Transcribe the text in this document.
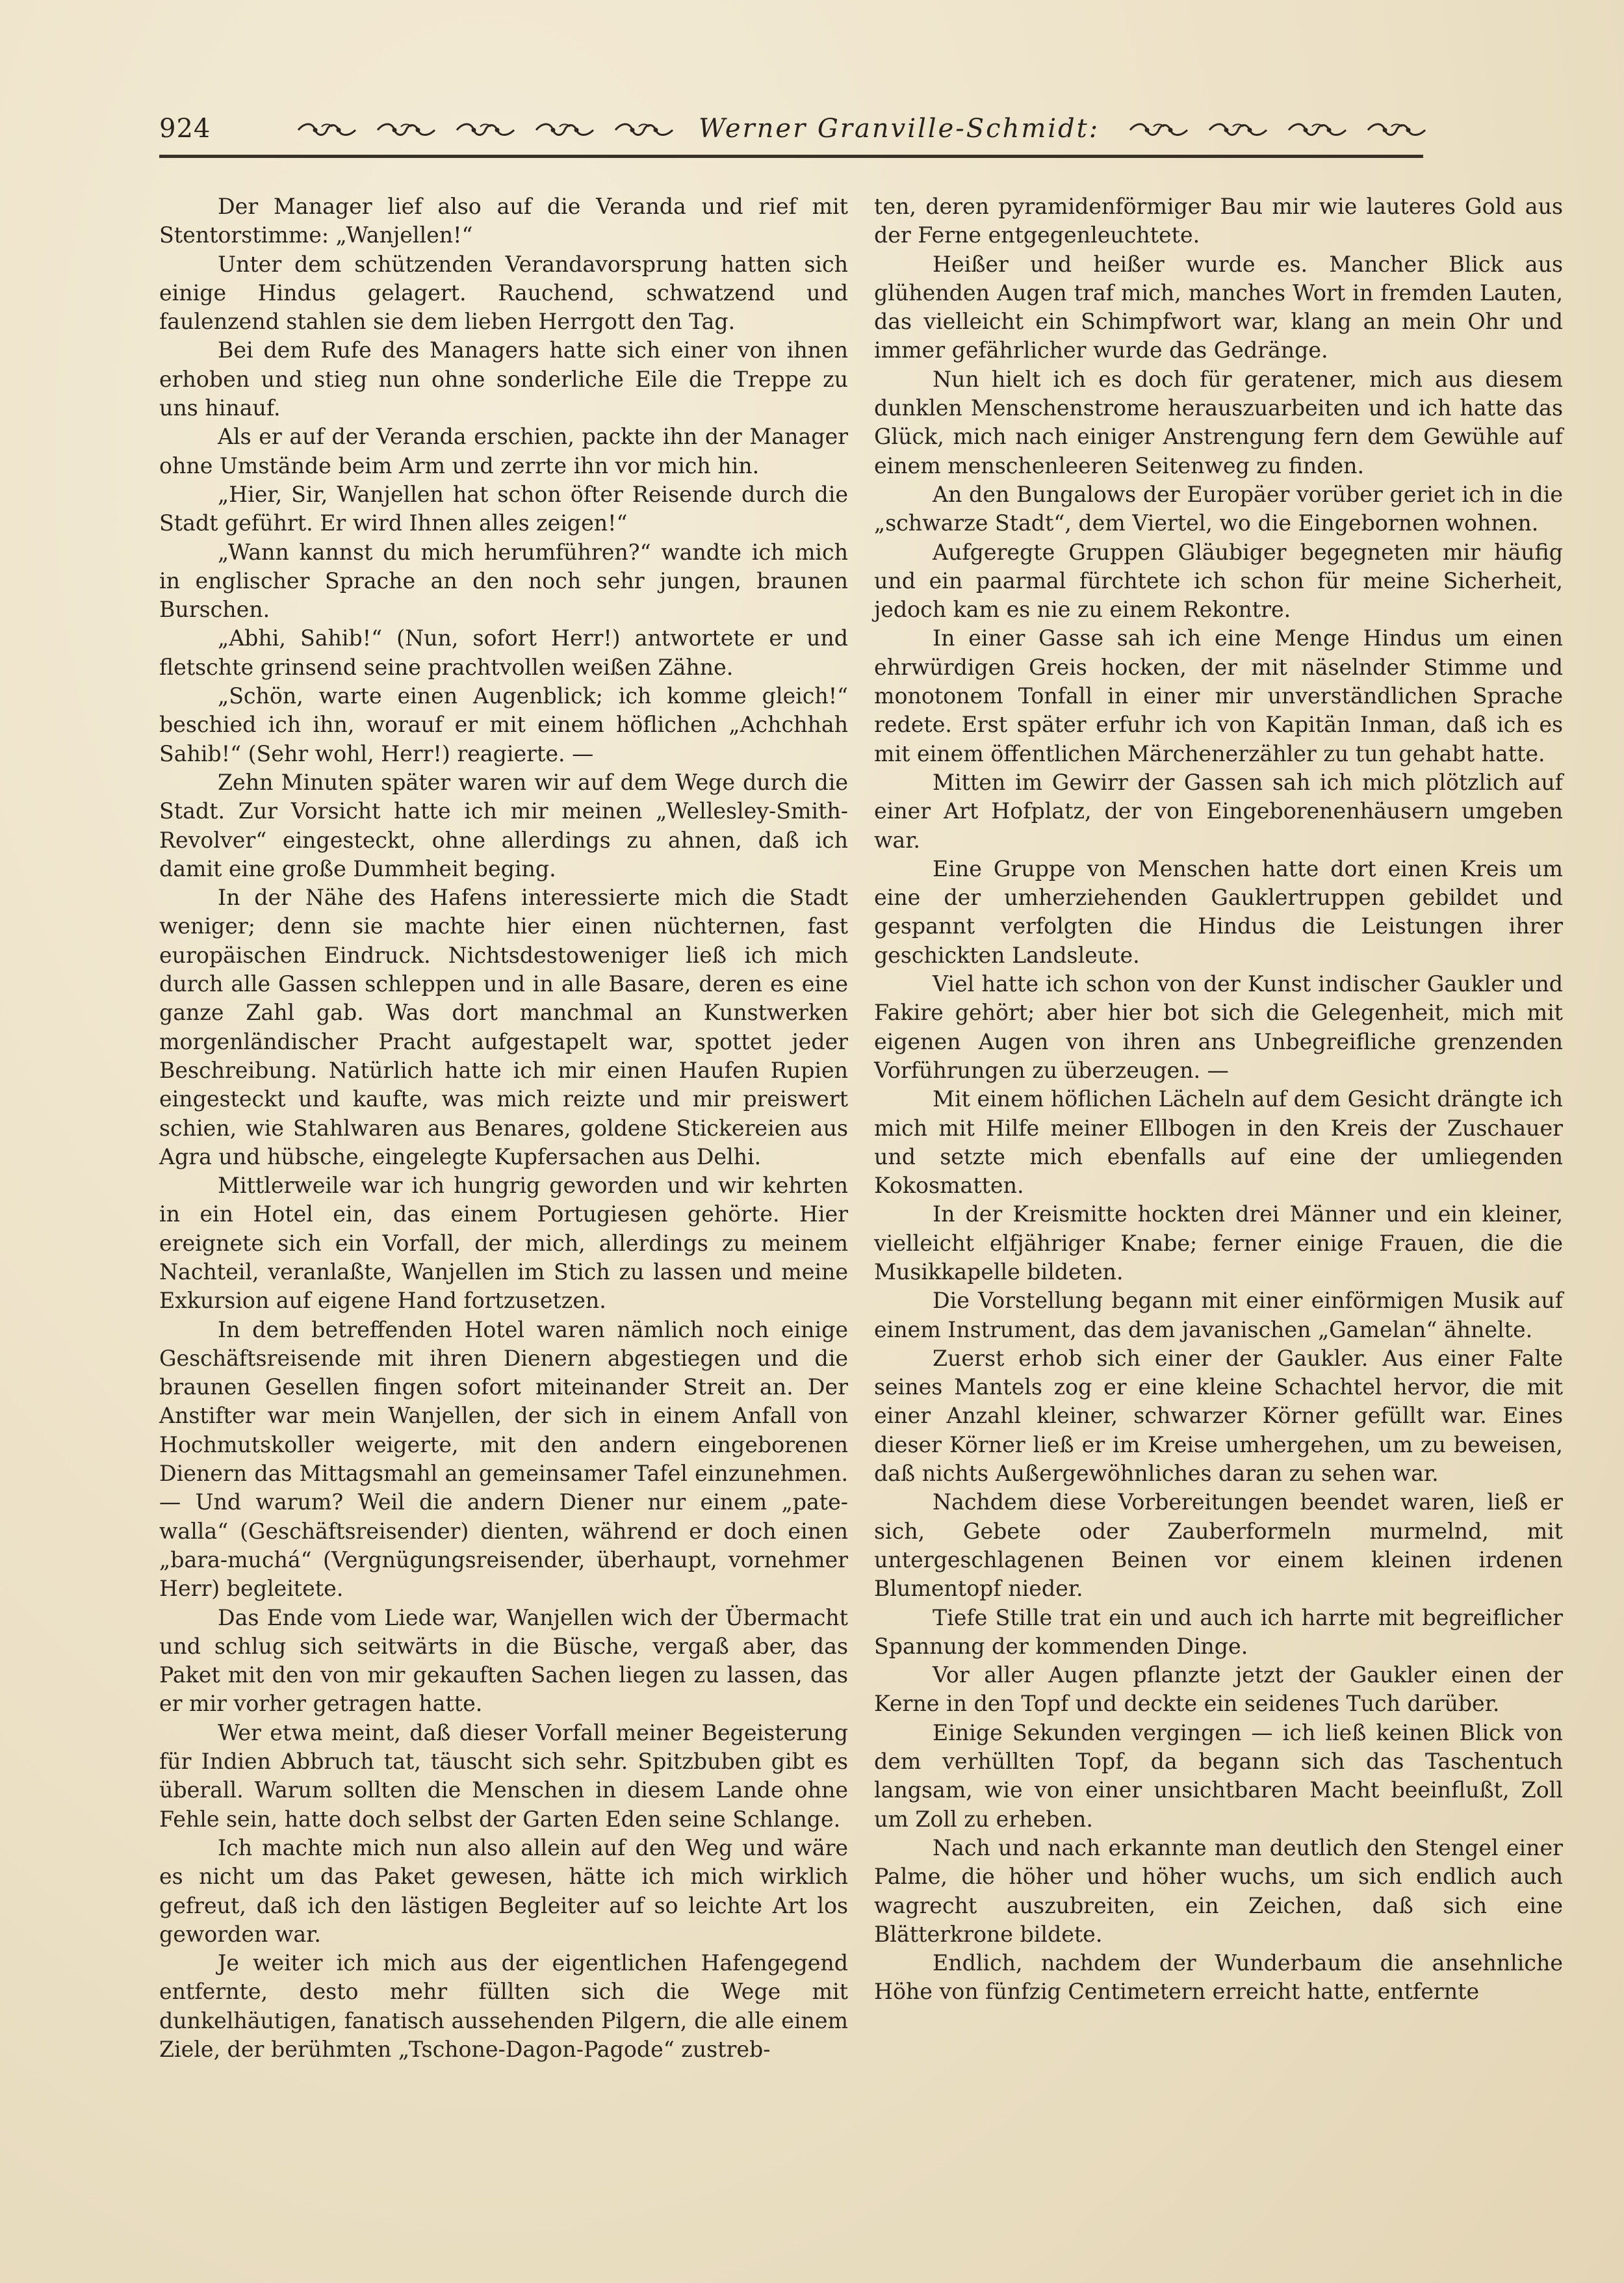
924	Werner Granville-Schmidt:

Der Manager lief also auf die Veranda und rief mit Stentorstimme: „Wanjellen!“

Unter dem schützenden Verandavorsprung hatten sich einige Hindus gelagert. Rauchend, schwatzend und faulenzend stahlen sie dem lieben Herrgott den Tag.

Bei dem Rufe des Managers hatte sich einer von ihnen erhoben und stieg nun ohne sonderliche Eile die Treppe zu uns hinauf.

Als er auf der Veranda erschien, packte ihn der Manager ohne Umstände beim Arm und zerrte ihn vor mich hin.

„Hier, Sir, Wanjellen hat schon öfter Reisende durch die Stadt geführt. Er wird Ihnen alles zeigen!“

„Wann kannst du mich herumführen?“ wandte ich mich in englischer Sprache an den noch sehr jungen, braunen Burschen.

„Abhi, Sahib!“ (Nun, sofort Herr!) antwortete er und fletschte grinsend seine prachtvollen weißen Zähne.

„Schön, warte einen Augenblick; ich komme gleich!“ beschied ich ihn, worauf er mit einem höflichen „Achchhah Sahib!“ (Sehr wohl, Herr!) reagierte. —

Zehn Minuten später waren wir auf dem Wege durch die Stadt. Zur Vorsicht hatte ich mir meinen „Wellesley-Smith-Revolver“ eingesteckt, ohne allerdings zu ahnen, daß ich damit eine große Dummheit beging.

In der Nähe des Hafens interessierte mich die Stadt weniger; denn sie machte hier einen nüchternen, fast europäischen Eindruck. Nichtsdestoweniger ließ ich mich durch alle Gassen schleppen und in alle Basare, deren es eine ganze Zahl gab. Was dort manchmal an Kunstwerken morgenländischer Pracht aufgestapelt war, spottet jeder Beschreibung. Natürlich hatte ich mir einen Haufen Rupien eingesteckt und kaufte, was mich reizte und mir preiswert schien, wie Stahlwaren aus Benares, goldene Stickereien aus Agra und hübsche, eingelegte Kupfersachen aus Delhi.

Mittlerweile war ich hungrig geworden und wir kehrten in ein Hotel ein, das einem Portugiesen gehörte. Hier ereignete sich ein Vorfall, der mich, allerdings zu meinem Nachteil, veranlaßte, Wanjellen im Stich zu lassen und meine Exkursion auf eigene Hand fortzusetzen.

In dem betreffenden Hotel waren nämlich noch einige Geschäftsreisende mit ihren Dienern abgestiegen und die braunen Gesellen fingen sofort miteinander Streit an. Der Anstifter war mein Wanjellen, der sich in einem Anfall von Hochmutskoller weigerte, mit den andern eingeborenen Dienern das Mittagsmahl an gemeinsamer Tafel einzunehmen. — Und warum? Weil die andern Diener nur einem „pate-walla“ (Geschäftsreisender) dienten, während er doch einen „bara-muchá“ (Vergnügungsreisender, überhaupt, vornehmer Herr) begleitete.

Das Ende vom Liede war, Wanjellen wich der Übermacht und schlug sich seitwärts in die Büsche, vergaß aber, das Paket mit den von mir gekauften Sachen liegen zu lassen, das er mir vorher getragen hatte.

Wer etwa meint, daß dieser Vorfall meiner Begeisterung für Indien Abbruch tat, täuscht sich sehr. Spitzbuben gibt es überall. Warum sollten die Menschen in diesem Lande ohne Fehle sein, hatte doch selbst der Garten Eden seine Schlange.

Ich machte mich nun also allein auf den Weg und wäre es nicht um das Paket gewesen, hätte ich mich wirklich gefreut, daß ich den lästigen Begleiter auf so leichte Art los geworden war.

Je weiter ich mich aus der eigentlichen Hafengegend entfernte, desto mehr füllten sich die Wege mit dunkelhäutigen, fanatisch aussehenden Pilgern, die alle einem Ziele, der berühmten „Tschone-Dagon-Pagode“ zustreb-

ten, deren pyramidenförmiger Bau mir wie lauteres Gold aus der Ferne entgegenleuchtete.

Heißer und heißer wurde es. Mancher Blick aus glühenden Augen traf mich, manches Wort in fremden Lauten, das vielleicht ein Schimpfwort war, klang an mein Ohr und immer gefährlicher wurde das Gedränge.

Nun hielt ich es doch für geratener, mich aus diesem dunklen Menschenstrome herauszuarbeiten und ich hatte das Glück, mich nach einiger Anstrengung fern dem Gewühle auf einem menschenleeren Seitenweg zu finden.

An den Bungalows der Europäer vorüber geriet ich in die „schwarze Stadt“, dem Viertel, wo die Eingebornen wohnen.

Aufgeregte Gruppen Gläubiger begegneten mir häufig und ein paarmal fürchtete ich schon für meine Sicherheit, jedoch kam es nie zu einem Rekontre.

In einer Gasse sah ich eine Menge Hindus um einen ehrwürdigen Greis hocken, der mit näselnder Stimme und monotonem Tonfall in einer mir unverständlichen Sprache redete. Erst später erfuhr ich von Kapitän Inman, daß ich es mit einem öffentlichen Märchenerzähler zu tun gehabt hatte.

Mitten im Gewirr der Gassen sah ich mich plötzlich auf einer Art Hofplatz, der von Eingeborenenhäusern umgeben war.

Eine Gruppe von Menschen hatte dort einen Kreis um eine der umherziehenden Gauklertruppen gebildet und gespannt verfolgten die Hindus die Leistungen ihrer geschickten Landsleute.

Viel hatte ich schon von der Kunst indischer Gaukler und Fakire gehört; aber hier bot sich die Gelegenheit, mich mit eigenen Augen von ihren ans Unbegreifliche grenzenden Vorführungen zu überzeugen. —

Mit einem höflichen Lächeln auf dem Gesicht drängte ich mich mit Hilfe meiner Ellbogen in den Kreis der Zuschauer und setzte mich ebenfalls auf eine der umliegenden Kokosmatten.

In der Kreismitte hockten drei Männer und ein kleiner, vielleicht elfjähriger Knabe; ferner einige Frauen, die die Musikkapelle bildeten.

Die Vorstellung begann mit einer einförmigen Musik auf einem Instrument, das dem javanischen „Gamelan“ ähnelte.

Zuerst erhob sich einer der Gaukler. Aus einer Falte seines Mantels zog er eine kleine Schachtel hervor, die mit einer Anzahl kleiner, schwarzer Körner gefüllt war. Eines dieser Körner ließ er im Kreise umhergehen, um zu beweisen, daß nichts Außergewöhnliches daran zu sehen war.

Nachdem diese Vorbereitungen beendet waren, ließ er sich, Gebete oder Zauberformeln murmelnd, mit untergeschlagenen Beinen vor einem kleinen irdenen Blumentopf nieder.

Tiefe Stille trat ein und auch ich harrte mit begreiflicher Spannung der kommenden Dinge.

Vor aller Augen pflanzte jetzt der Gaukler einen der Kerne in den Topf und deckte ein seidenes Tuch darüber.

Einige Sekunden vergingen — ich ließ keinen Blick von dem verhüllten Topf, da begann sich das Taschentuch langsam, wie von einer unsichtbaren Macht beeinflußt, Zoll um Zoll zu erheben.

Nach und nach erkannte man deutlich den Stengel einer Palme, die höher und höher wuchs, um sich endlich auch wagrecht auszubreiten, ein Zeichen, daß sich eine Blätterkrone bildete.

Endlich, nachdem der Wunderbaum die ansehnliche Höhe von fünfzig Centimetern erreicht hatte, entfernte
